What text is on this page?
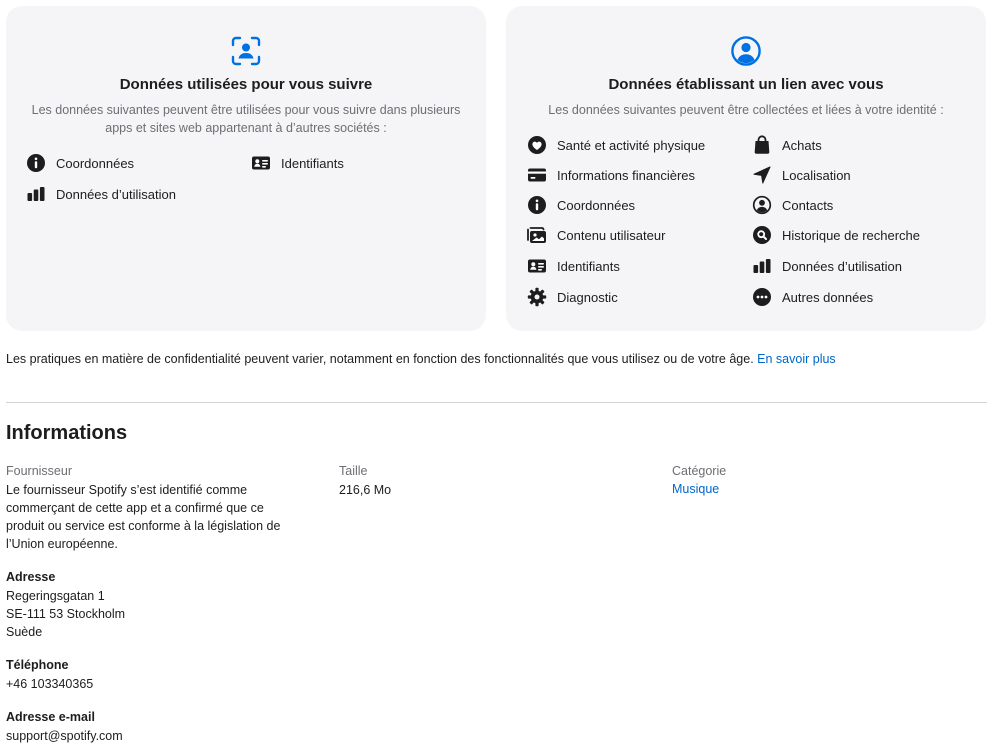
Données utilisées pour vous suivre
Les données suivantes peuvent être utilisées pour vous suivre dans plusieurs apps et sites web appartenant à d’autres sociétés :
Coordonnées	Identifiants
Données d’utilisation
Données établissant un lien avec vous
Les données suivantes peuvent être collectées et liées à votre identité :
Santé et activité physique
Informations financières
Coordonnées
Contenu utilisateur
Identifiants
Diagnostic
Achats
Localisation
Contacts
Historique de recherche
Données d’utilisation
Autres données
Les pratiques en matière de confidentialité peuvent varier, notamment en fonction des fonctionnalités que vous utilisez ou de votre âge. En savoir plus
Informations
Fournisseur
Le fournisseur Spotify s’est identifié comme
commerçant de cette app et a confirmé que ce
produit ou service est conforme à la législation de
l’Union européenne.
Taille
216,6 Mo
Catégorie
Musique
Adresse
Regeringsgatan 1
SE-111 53 Stockholm
Suède
Téléphone
+46 103340365
Adresse e-mail
support@spotify.com
